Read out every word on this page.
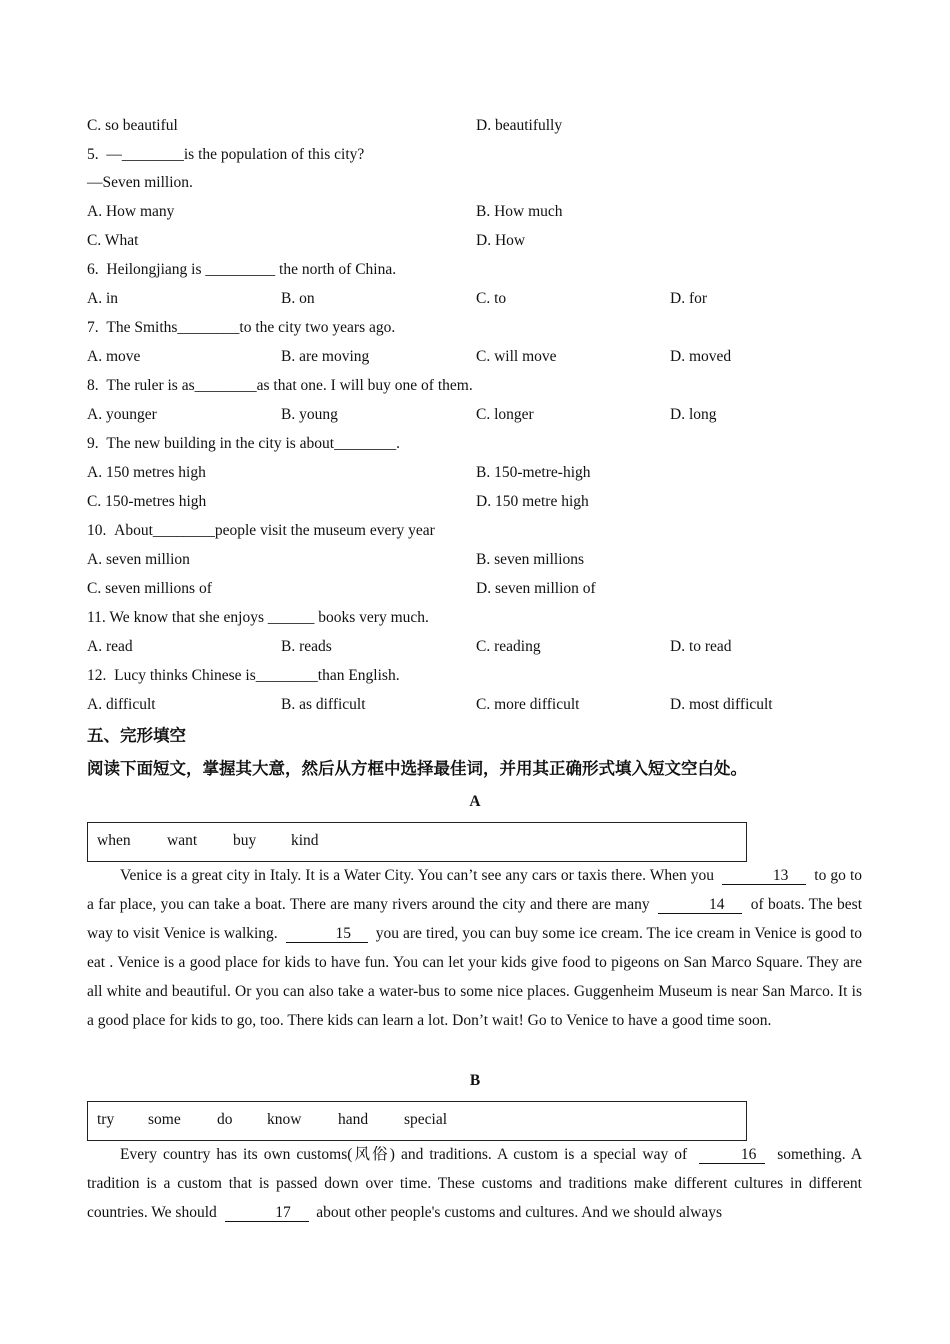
C. so beautiful	D. beautifully
5. —________is the population of this city?
—Seven million.
A. How many	B. How much
C. What	D. How
6. Heilongjiang is _________ the north of China.
A. in	B. on	C. to	D. for
7. The Smiths________to the city two years ago.
A. move	B. are moving	C. will move	D. moved
8. The ruler is as________as that one. I will buy one of them.
A. younger	B. young	C. longer	D. long
9. The new building in the city is about________.
A. 150 metres high	B. 150-metre-high
C. 150-metres high	D. 150 metre high
10. About________people visit the museum every year
A. seven million	B. seven millions
C. seven millions of	D. seven million of
11. We know that she enjoys ______ books very much.
A. read	B. reads	C. reading	D. to read
12. Lucy thinks Chinese is________than English.
A. difficult	B. as difficult	C. more difficult	D. most difficult
五、完形填空
阅读下面短文，掌握其大意，然后从方框中选择最佳词，并用其正确形式填入短文空白处。
A
when want buy kind
Venice is a great city in Italy. It is a Water City. You can’t see any cars or taxis there. When you	13 to go to a far place, you can take a boat. There are many rivers around the city and there are many	14 of boats. The best way to visit Venice is walking.	15 you are tired, you can buy some ice cream. The ice cream in Venice is good to eat . Venice is a good place for kids to have fun. You can let your kids give food to pigeons on San Marco Square. They are all white and beautiful. Or you can also take a water-bus to some nice places. Guggenheim Museum is near San Marco. It is a good place for kids to go, too. There kids can learn a lot. Don’t wait! Go to Venice to have a good time soon.
B
try some do know hand special
Every country has its own customs(风俗) and traditions. A custom is a special way of	16 something. A tradition is a custom that is passed down over time. These customs and traditions make different cultures in different countries. We should	17 about other people's customs and cultures. And we should always
